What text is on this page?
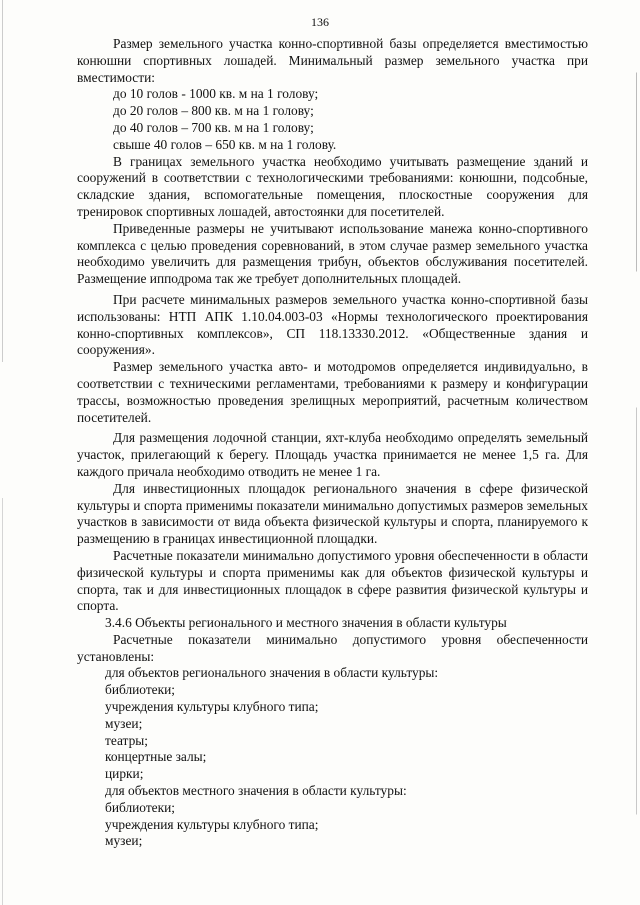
136

Размер земельного участка конно-спортивной базы определяется вместимостью конюшни спортивных лошадей. Минимальный размер земельного участка при вместимости:

до 10 голов - 1000 кв. м на 1 голову;

до 20 голов – 800 кв. м на 1 голову;

до 40 голов – 700 кв. м на 1 голову;

свыше 40 голов – 650 кв. м на 1 голову.

В границах земельного участка необходимо учитывать размещение зданий и сооружений в соответствии с технологическими требованиями: конюшни, подсобные, складские здания, вспомогательные помещения, плоскостные сооружения для тренировок спортивных лошадей, автостоянки для посетителей.

Приведенные размеры не учитывают использование манежа конно-спортивного комплекса с целью проведения соревнований, в этом случае размер земельного участка необходимо увеличить для размещения трибун, объектов обслуживания посетителей. Размещение ипподрома так же требует дополнительных площадей.

При расчете минимальных размеров земельного участка конно-спортивной базы использованы: НТП АПК 1.10.04.003-03 «Нормы технологического проектирования конно-спортивных комплексов», СП 118.13330.2012. «Общественные здания и сооружения».

Размер земельного участка авто- и мотодромов определяется индивидуально, в соответствии с техническими регламентами, требованиями к размеру и конфигурации трассы, возможностью проведения зрелищных мероприятий, расчетным количеством посетителей.

Для размещения лодочной станции, яхт-клуба необходимо определять земельный участок, прилегающий к берегу. Площадь участка принимается не менее 1,5 га. Для каждого причала необходимо отводить не менее 1 га.

Для инвестиционных площадок регионального значения в сфере физической культуры и спорта применимы показатели минимально допустимых размеров земельных участков в зависимости от вида объекта физической культуры и спорта, планируемого к размещению в границах инвестиционной площадки.

Расчетные показатели минимально допустимого уровня обеспеченности в области физической культуры и спорта применимы как для объектов физической культуры и спорта, так и для инвестиционных площадок в сфере развития физической культуры и спорта.

3.4.6 Объекты регионального и местного значения в области культуры

Расчетные показатели минимально допустимого уровня обеспеченности установлены:

для объектов регионального значения в области культуры:

библиотеки;

учреждения культуры клубного типа;

музеи;

театры;

концертные залы;

цирки;

для объектов местного значения в области культуры:

библиотеки;

учреждения культуры клубного типа;

музеи;
